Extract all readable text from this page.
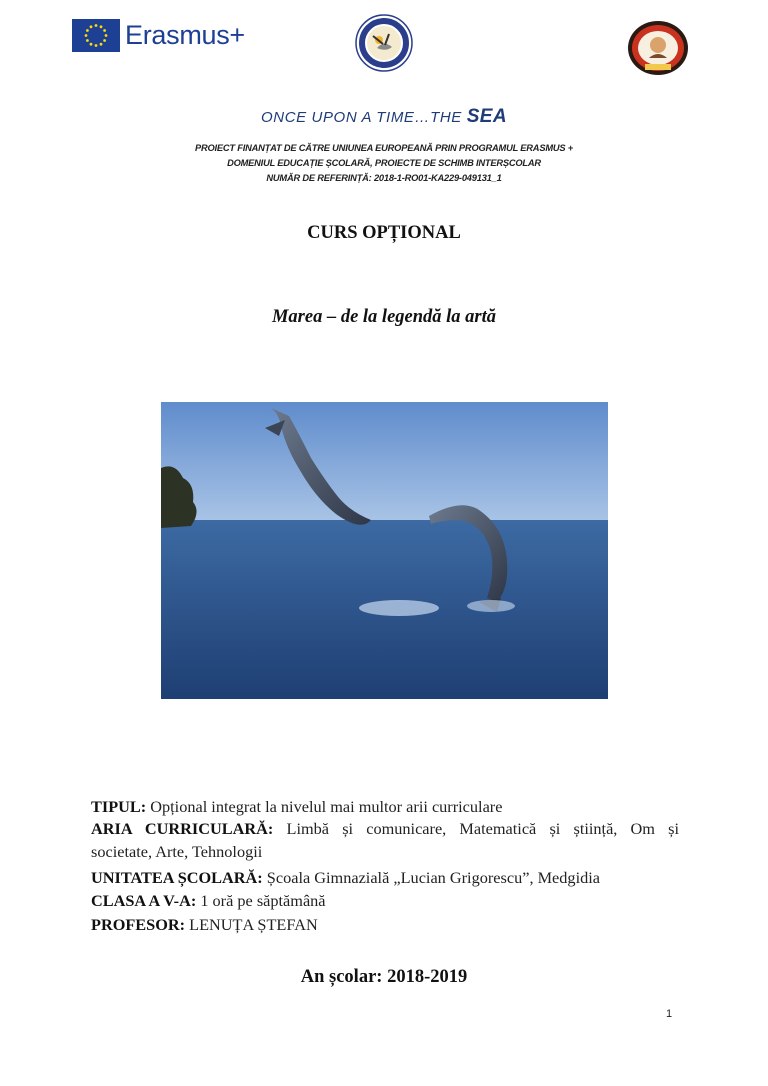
Erasmus+
ONCE UPON A TIME…THE SEA
PROIECT FINANȚAT DE CĂTRE UNIUNEA EUROPEANĂ PRIN PROGRAMUL ERASMUS +
DOMENIUL EDUCAȚIE ȘCOLARĂ, PROIECTE DE SCHIMB INTERȘCOLAR
NUMĂR DE REFERINȚĂ: 2018-1-RO01-KA229-049131_1
CURS OPȚIONAL
Marea – de la legendă la artă
TIPUL: Opțional integrat la nivelul mai multor arii curriculare
ARIA CURRICULARĂ: Limbă și comunicare, Matematică și știință, Om și
societate, Arte, Tehnologii
UNITATEA ȘCOLARĂ: Școala Gimnazială „Lucian Grigorescu”, Medgidia
CLASA A V-A: 1 oră pe săptămână
PROFESOR: LENUȚA ȘTEFAN
An școlar: 2018-2019
1
